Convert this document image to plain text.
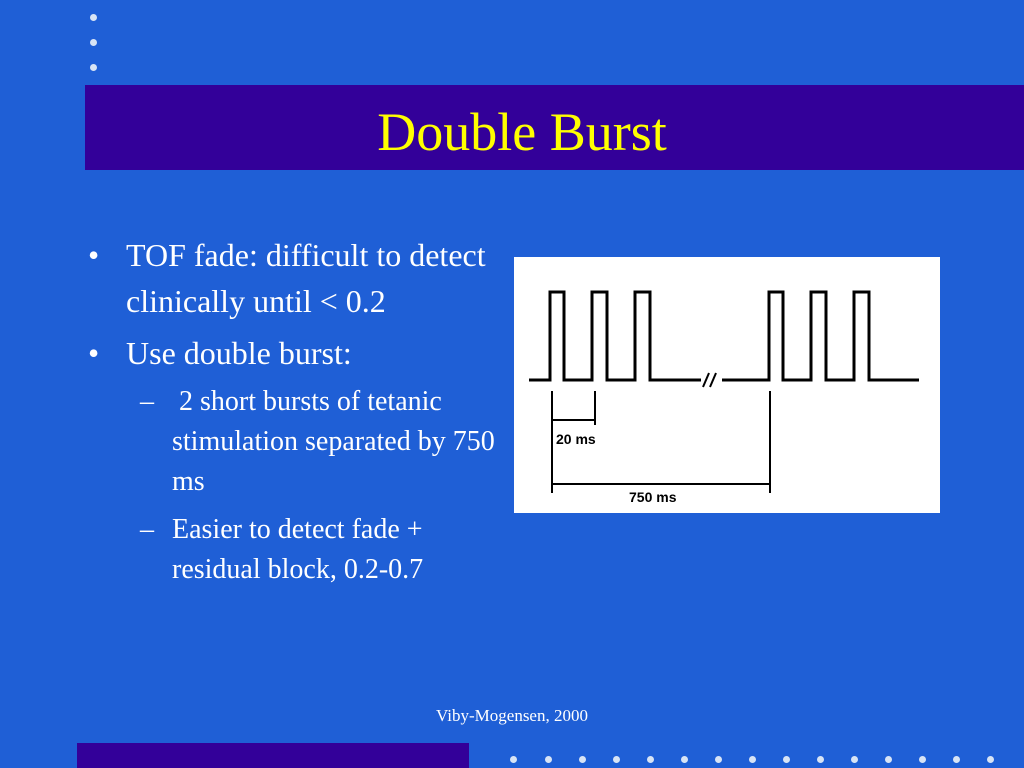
Double Burst
• TOF fade: difficult to detect clinically until < 0.2
• Use double burst:
– 2 short bursts of tetanic stimulation separated by 750 ms
– Easier to detect fade + residual block, 0.2-0.7
20 ms
750 ms
Viby-Mogensen, 2000
